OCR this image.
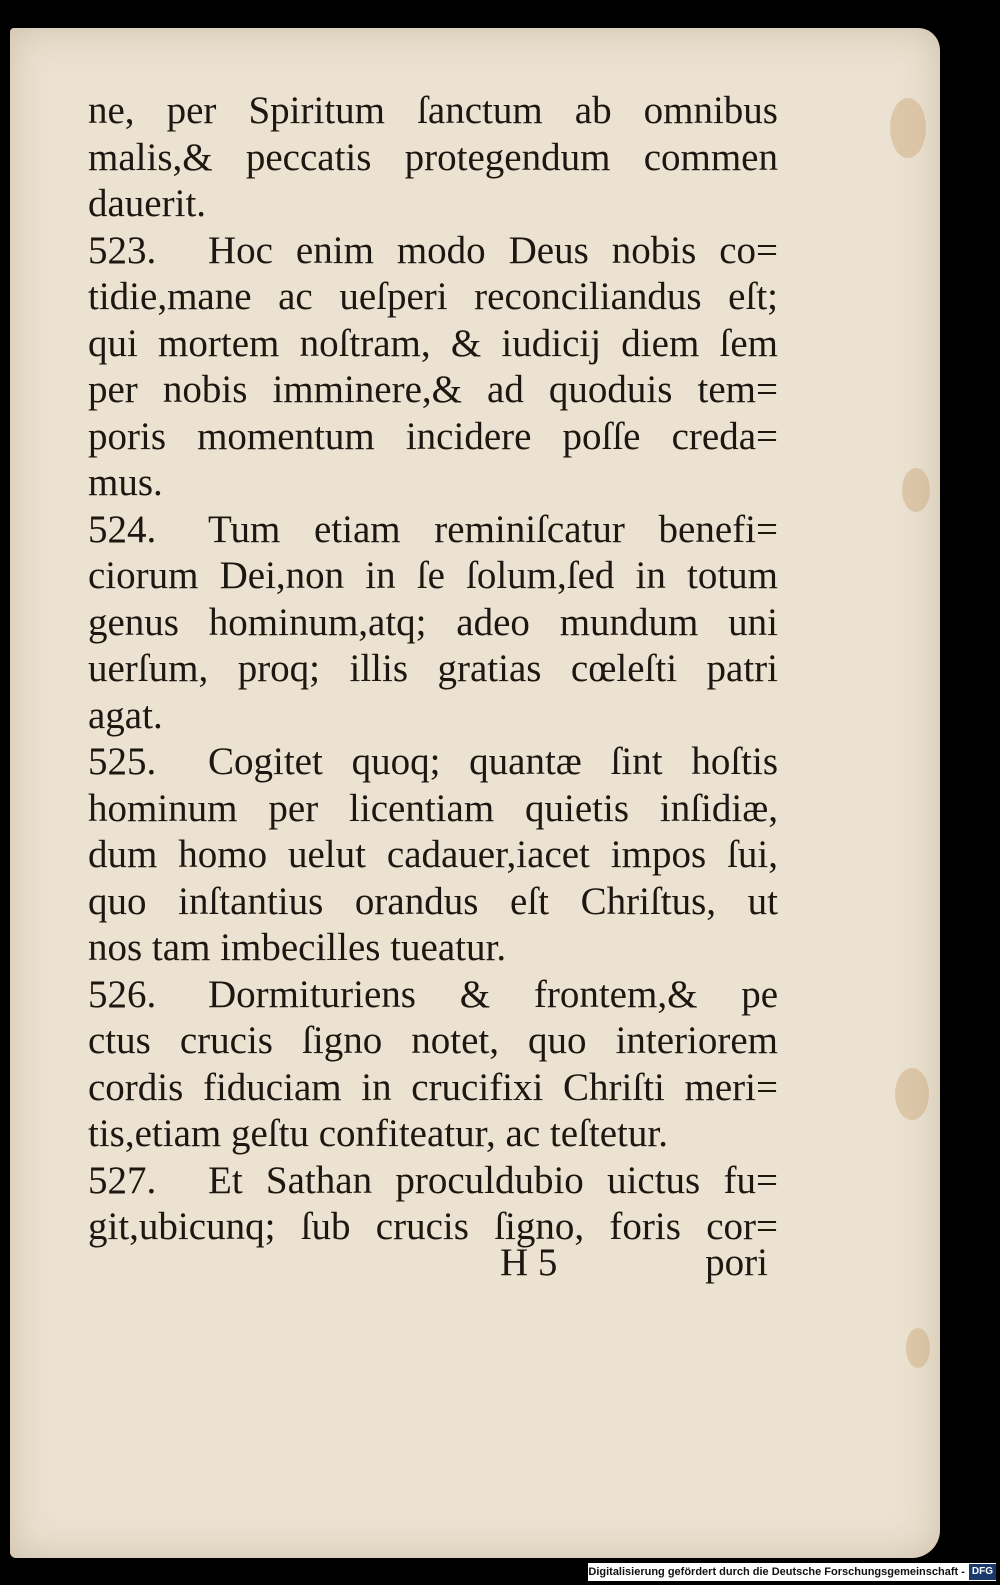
ne, per Spiritum ſanctum ab omnibus
malis,& peccatis protegendum commen
dauerit.
523. Hoc enim modo Deus nobis co=
tidie,mane ac ueſperi reconciliandus eſt;
qui mortem noſtram, & iudicij diem ſem
per nobis imminere,& ad quoduis tem=
poris momentum incidere poſſe creda=
mus.
524. Tum etiam reminiſcatur benefi=
ciorum Dei,non in ſe ſolum,ſed in totum
genus hominum,atq; adeo mundum uni
uerſum, proq; illis gratias cœleſti patri
agat.
525. Cogitet quoq; quantæ ſint hoſtis
hominum per licentiam quietis inſidiæ,
dum homo uelut cadauer,iacet impos ſui,
quo inſtantius orandus eſt Chriſtus, ut
nos tam imbecilles tueatur.
526. Dormituriens & frontem,& pe
ctus crucis ſigno notet, quo interiorem
cordis fiduciam in crucifixi Chriſti meri=
tis,etiam geſtu confiteatur, ac teſtetur.
527. Et Sathan proculdubio uictus fu=
git,ubicunq; ſub crucis ſigno, foris cor=
H 5	pori
Digitalisierung gefördert durch die Deutsche Forschungsgemeinschaft - DFG
